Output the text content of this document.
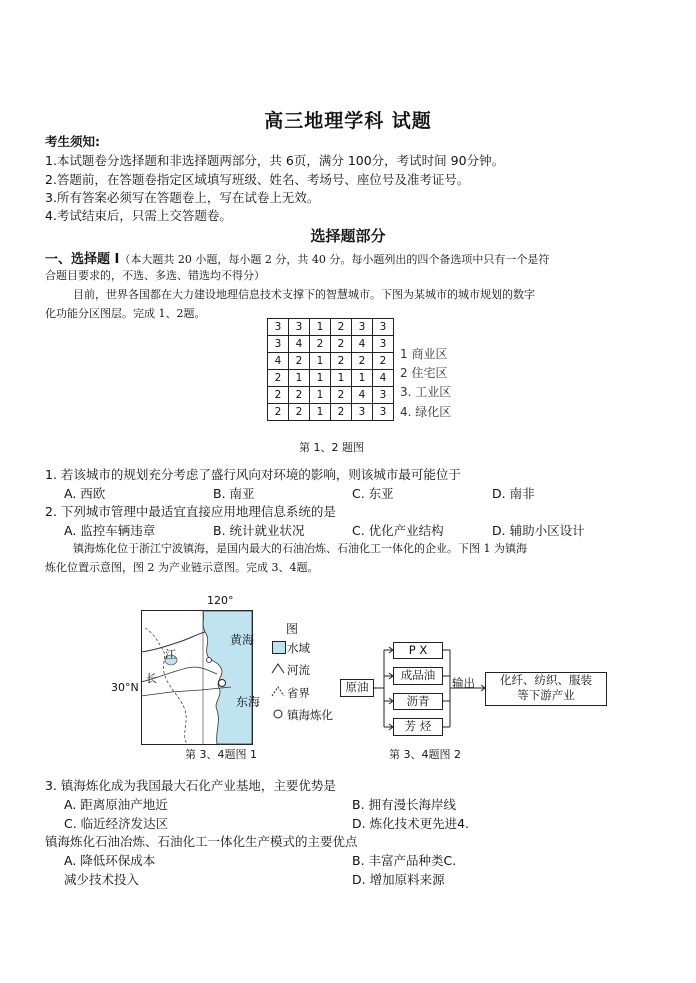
高三地理学科 试题
考生须知:
1.本试题卷分选择题和非选择题两部分，共 6页，满分 100分，考试时间 90分钟。
2.答题前，在答题卷指定区域填写班级、姓名、考场号、座位号及准考证号。
3.所有答案必须写在答题卷上，写在试卷上无效。
4.考试结束后，只需上交答题卷。
选择题部分
一、选择题 I（本大题共 20 小题，每小题 2 分，共 40 分。每小题列出的四个备选项中只有一个是符
合题目要求的，不选、多选、错选均不得分）
目前，世界各国都在大力建设地理信息技术支撑下的智慧城市。下图为某城市的城市规划的数字
化功能分区图层。完成 1、2题。
3	3	1	2	3	3
3	4	2	2	4	3
4	2	1	2	2	2
2	1	1	1	1	4
2	2	1	2	4	3
2	2	1	2	3	3
1 商业区
2 住宅区
3. 工业区
4. 绿化区
第 1、2 题图
1. 若该城市的规划充分考虑了盛行风向对环境的影响，则该城市最可能位于
A. 西欧	B. 南亚	C. 东亚	D. 南非
2. 下列城市管理中最适宜直接应用地理信息系统的是
A. 监控车辆违章	B. 统计就业状况	C. 优化产业结构	D. 辅助小区设计
镇海炼化位于浙江宁波镇海，是国内最大的石油冶炼、石油化工一体化的企业。下图 1 为镇海
炼化位置示意图，图 2 为产业链示意图。完成 3、4题。
120°
30°N
黄海
东海
江
长
图
水域
河流
省界
镇海炼化
第 3、4题图 1
原油
P X
成品油
沥青
芳 烃
输出	化纤、纺织、服装
等下游产业
第 3、4题图 2
3. 镇海炼化成为我国最大石化产业基地，主要优势是
A. 距离原油产地近	B. 拥有漫长海岸线
C. 临近经济发达区	D. 炼化技术更先进4.
镇海炼化石油冶炼、石油化工一体化生产模式的主要优点
A. 降低环保成本	B. 丰富产品种类C.
减少技术投入	D. 增加原料来源
